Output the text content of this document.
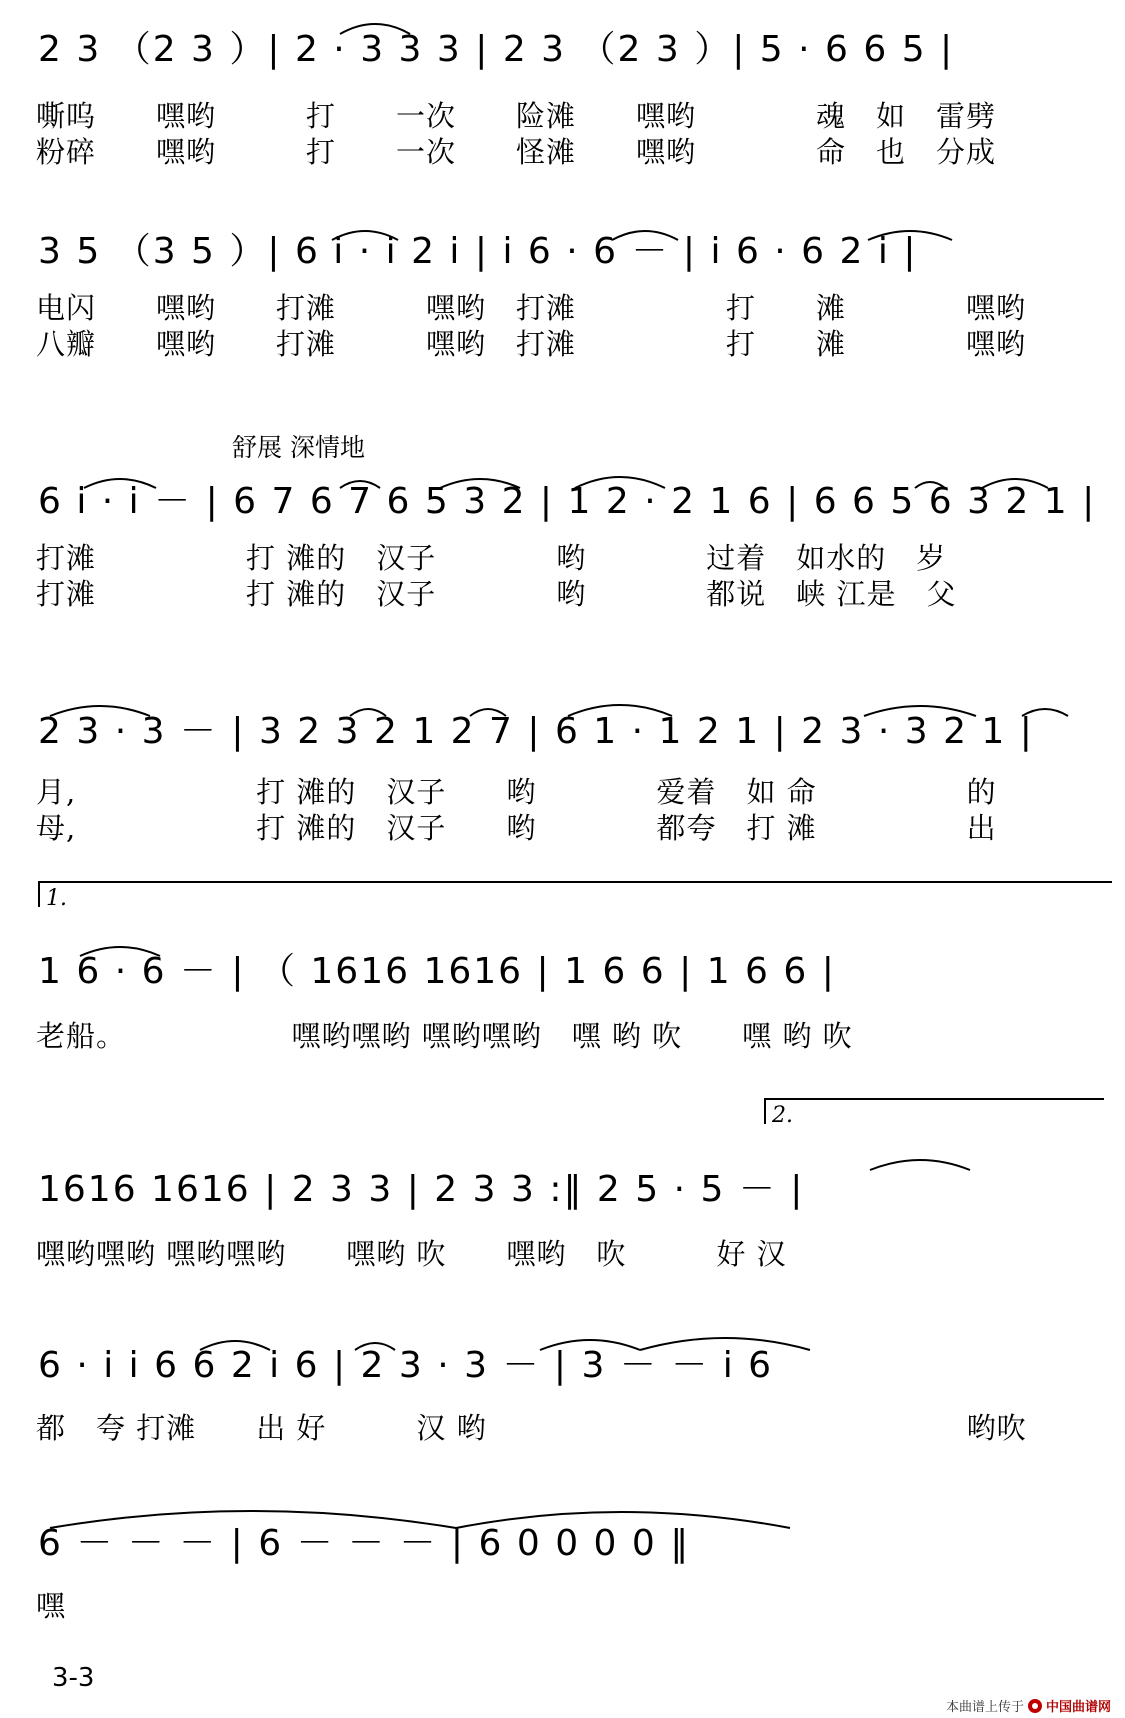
2 3 （2 3 ）| 2 · 3 3 3 | 2 3 （2 3 ）| 5 · 6 6 5 |
嘶呜　　嘿哟　　　打　　一次　　险滩　　嘿哟　　　　魂　如　雷劈
粉碎　　嘿哟　　　打　　一次　　怪滩　　嘿哟　　　　命　也　分成
3 5 （3 5 ）| 6 i · i 2 i | i 6 · 6 － | i 6 · 6 2 i |
电闪　　嘿哟　　打滩　　　嘿哟　打滩　　　　　打　　滩　　　　嘿哟
八瓣　　嘿哟　　打滩　　　嘿哟　打滩　　　　　打　　滩　　　　嘿哟
舒展 深情地
6 i · i － | 6 7 6 7 6 5 3 2 | 1 2 · 2 1 6 | 6 6 5 6 3 2 1 |
打滩　　　　　打 滩的　汉子　　　　哟　　　　过着　如水的　岁
打滩　　　　　打 滩的　汉子　　　　哟　　　　都说　峡 江是　父
2 3 · 3 － | 3 2 3 2 1 2 7 | 6 1 · 1 2 1 | 2 3 · 3 2 1 |
月,　　　　　　打 滩的　汉子　　哟　　　　爱着　如 命　　　　　的
母,　　　　　　打 滩的　汉子　　哟　　　　都夸　打 滩　　　　　出
1.
1 6 · 6 － | （ 1616 1616 | 1 6 6 | 1 6 6 |
老船。　　　　　　嘿哟嘿哟 嘿哟嘿哟　嘿 哟 吹　　嘿 哟 吹
2.
1616 1616 | 2 3 3 | 2 3 3 :‖ 2 5 · 5 － |
嘿哟嘿哟 嘿哟嘿哟　　嘿哟 吹　　嘿哟　吹　　　好 汉
6 · i i 6 6 2 i 6 | 2 3 · 3 － | 3 － － i 6
都　夸 打滩　　出 好　　　汉 哟　　　　　　　　　　　　　　　　哟吹
6 － － － | 6 － － － | 6 0 0 0 0 ‖
嘿
3-3
本曲谱上传于 中国曲谱网
